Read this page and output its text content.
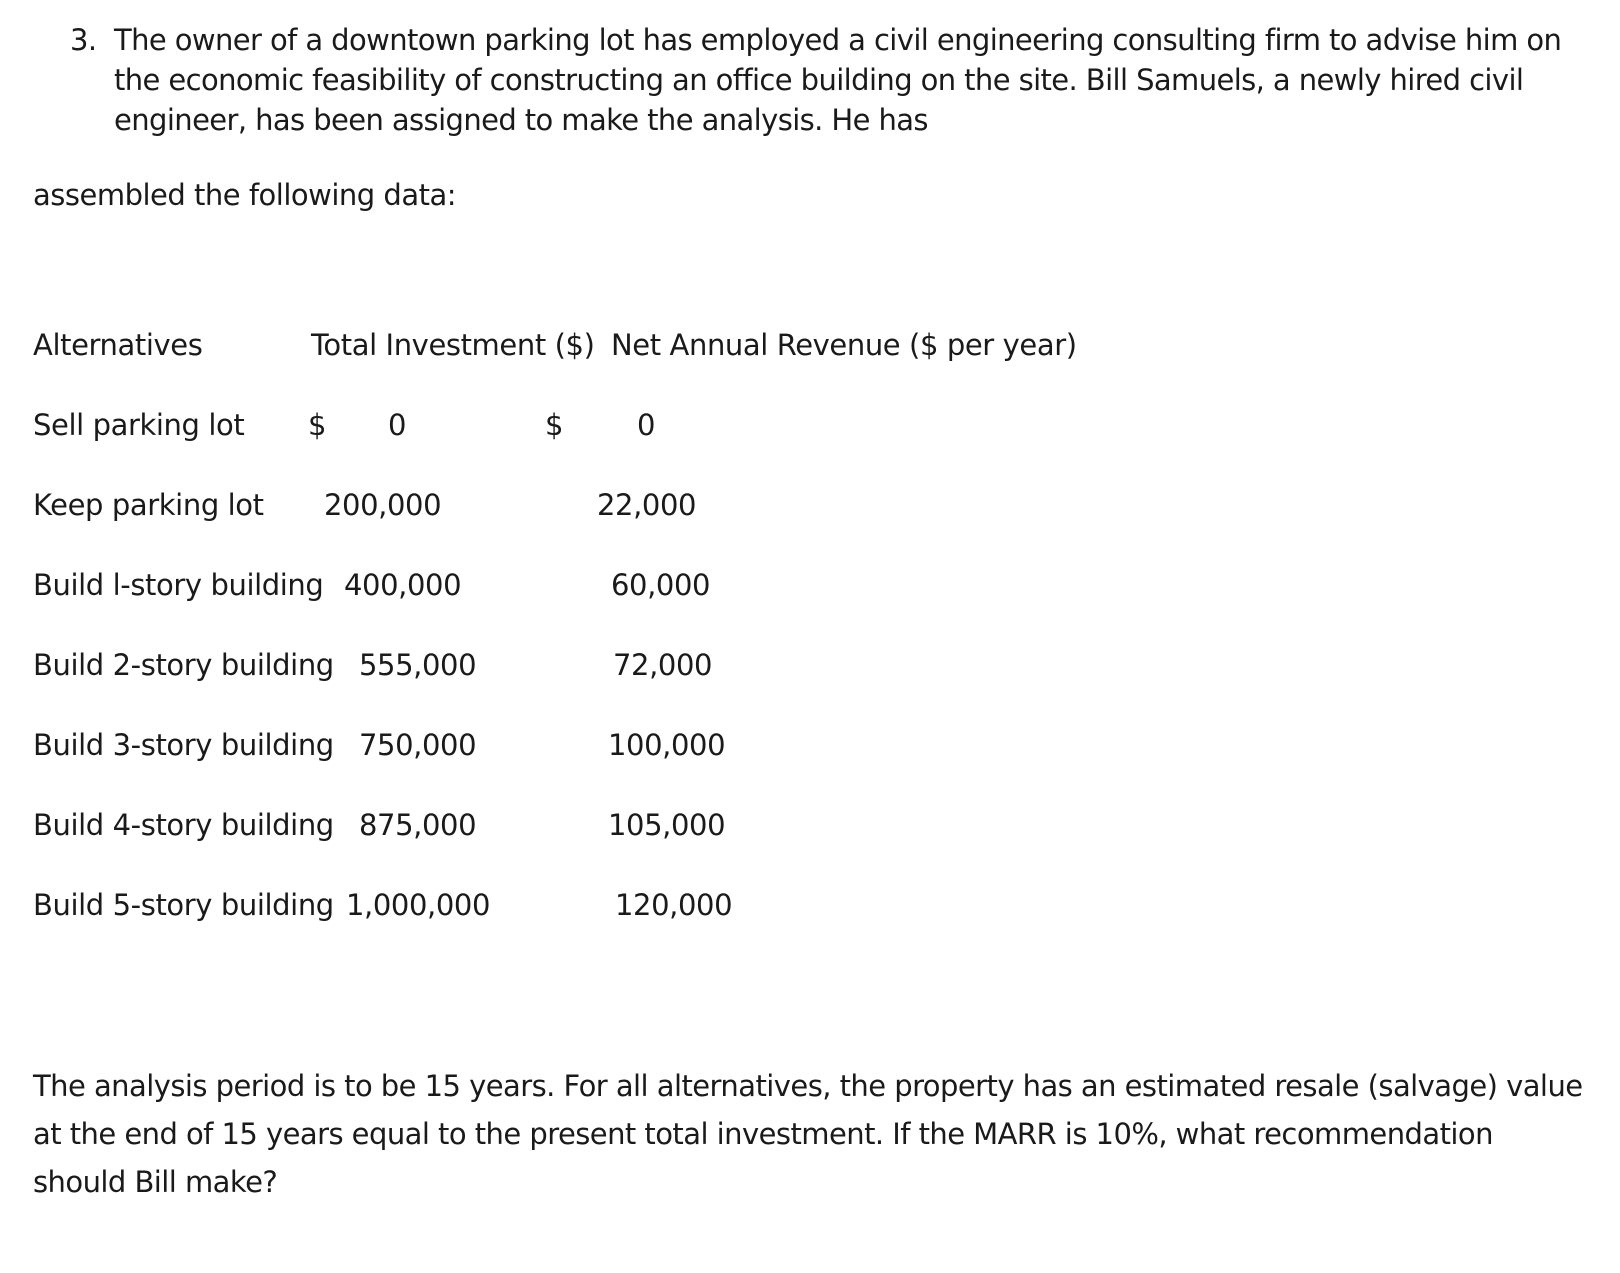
3. The owner of a downtown parking lot has employed a civil engineering consulting firm to advise him on the economic feasibility of constructing an office building on the site. Bill Samuels, a newly hired civil engineer, has been assigned to make the analysis. He has
assembled the following data:
Alternatives	Total Investment ($) Net Annual Revenue ($ per year)
Sell parking lot $ 0	$	0
Keep parking lot 200,000	22,000
Build l-story building 400,000	60,000
Build 2-story building 555,000	72,000
Build 3-story building 750,000	100,000
Build 4-story building 875,000	105,000
Build 5-story building 1,000,000	120,000
The analysis period is to be 15 years. For all alternatives, the property has an estimated resale (salvage) value at the end of 15 years equal to the present total investment. If the MARR is 10%, what recommendation should Bill make?
